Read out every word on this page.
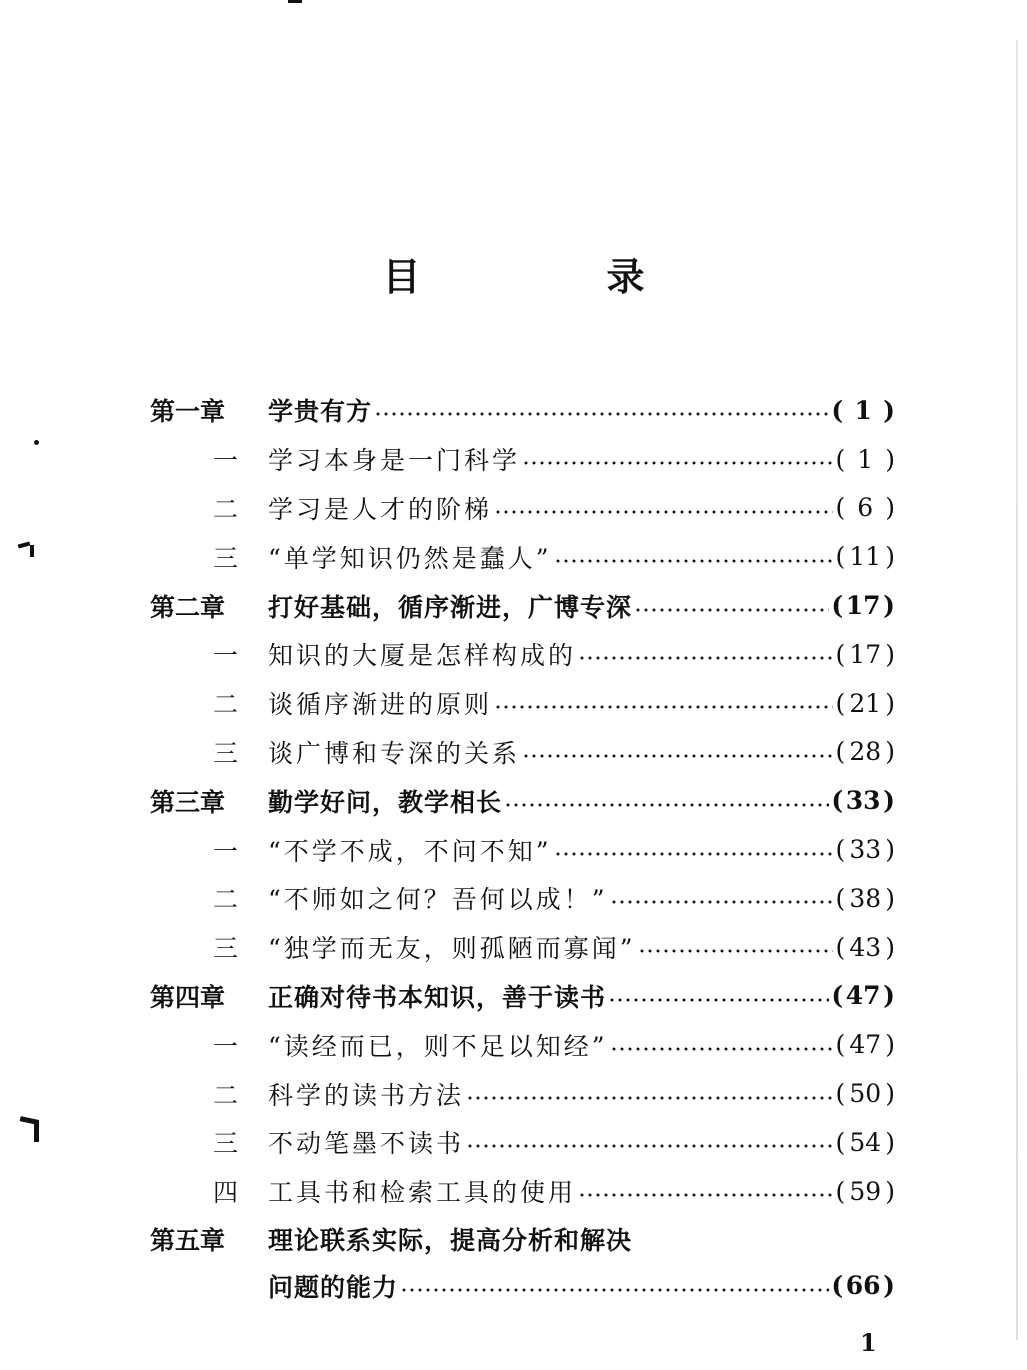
目　录
第一章	学贵有方	( 1 )
一	学习本身是一门科学	( 1 )
二	学习是人才的阶梯	( 6 )
三	“单学知识仍然是蠢人”	( 11 )
第二章	打好基础，循序渐进，广博专深	( 17 )
一	知识的大厦是怎样构成的	( 17 )
二	谈循序渐进的原则	( 21 )
三	谈广博和专深的关系	( 28 )
第三章	勤学好问，教学相长	( 33 )
一	“不学不成，不问不知”	( 33 )
二	“不师如之何？吾何以成！”	( 38 )
三	“独学而无友，则孤陋而寡闻”	( 43 )
第四章	正确对待书本知识，善于读书	( 47 )
一	“读经而已，则不足以知经”	( 47 )
二	科学的读书方法	( 50 )
三	不动笔墨不读书	( 54 )
四	工具书和检索工具的使用	( 59 )
第五章	理论联系实际，提高分析和解决
问题的能力	( 66 )
1
